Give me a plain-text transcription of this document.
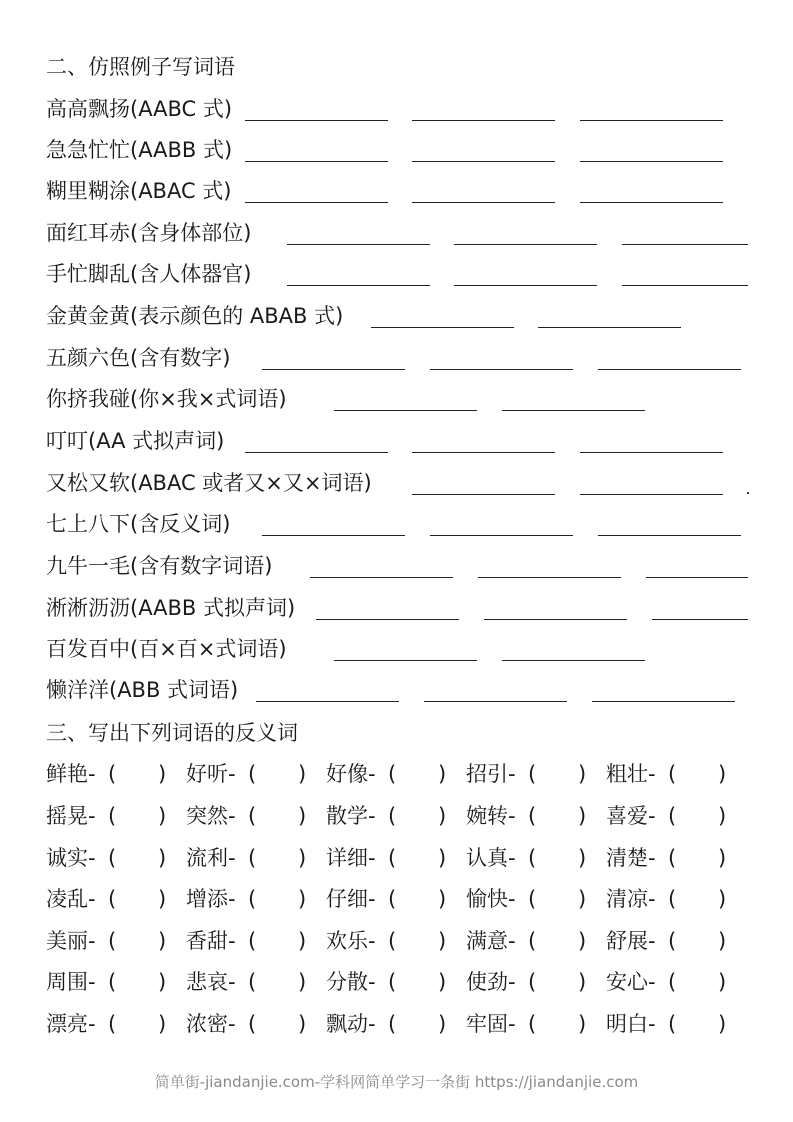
二、仿照例子写词语
高高飘扬(AABC 式)
急急忙忙(AABB 式)
糊里糊涂(ABAC 式)
面红耳赤(含身体部位)
手忙脚乱(含人体器官)
金黄金黄(表示颜色的 ABAB 式)
五颜六色(含有数字)
你挤我碰(你×我×式词语)
叮叮(AA 式拟声词)
又松又软(ABAC 或者又×又×词语)
七上八下(含反义词)
九牛一毛(含有数字词语)
淅淅沥沥(AABB 式拟声词)
百发百中(百×百×式词语)
懒洋洋(ABB 式词语)
三、写出下列词语的反义词
鲜艳- ( ) 好听- ( ) 好像- ( ) 招引- ( ) 粗壮- ( )
摇晃- ( ) 突然- ( ) 散学- ( ) 婉转- ( ) 喜爱- ( )
诚实- ( ) 流利- ( ) 详细- ( ) 认真- ( ) 清楚- ( )
凌乱- ( ) 增添- ( ) 仔细- ( ) 愉快- ( ) 清凉- ( )
美丽- ( ) 香甜- ( ) 欢乐- ( ) 满意- ( ) 舒展- ( )
周围- ( ) 悲哀- ( ) 分散- ( ) 使劲- ( ) 安心- ( )
漂亮- ( ) 浓密- ( ) 飘动- ( ) 牢固- ( ) 明白- ( )
简单街-jiandanjie.com-学科网简单学习一条街 https://jiandanjie.com
